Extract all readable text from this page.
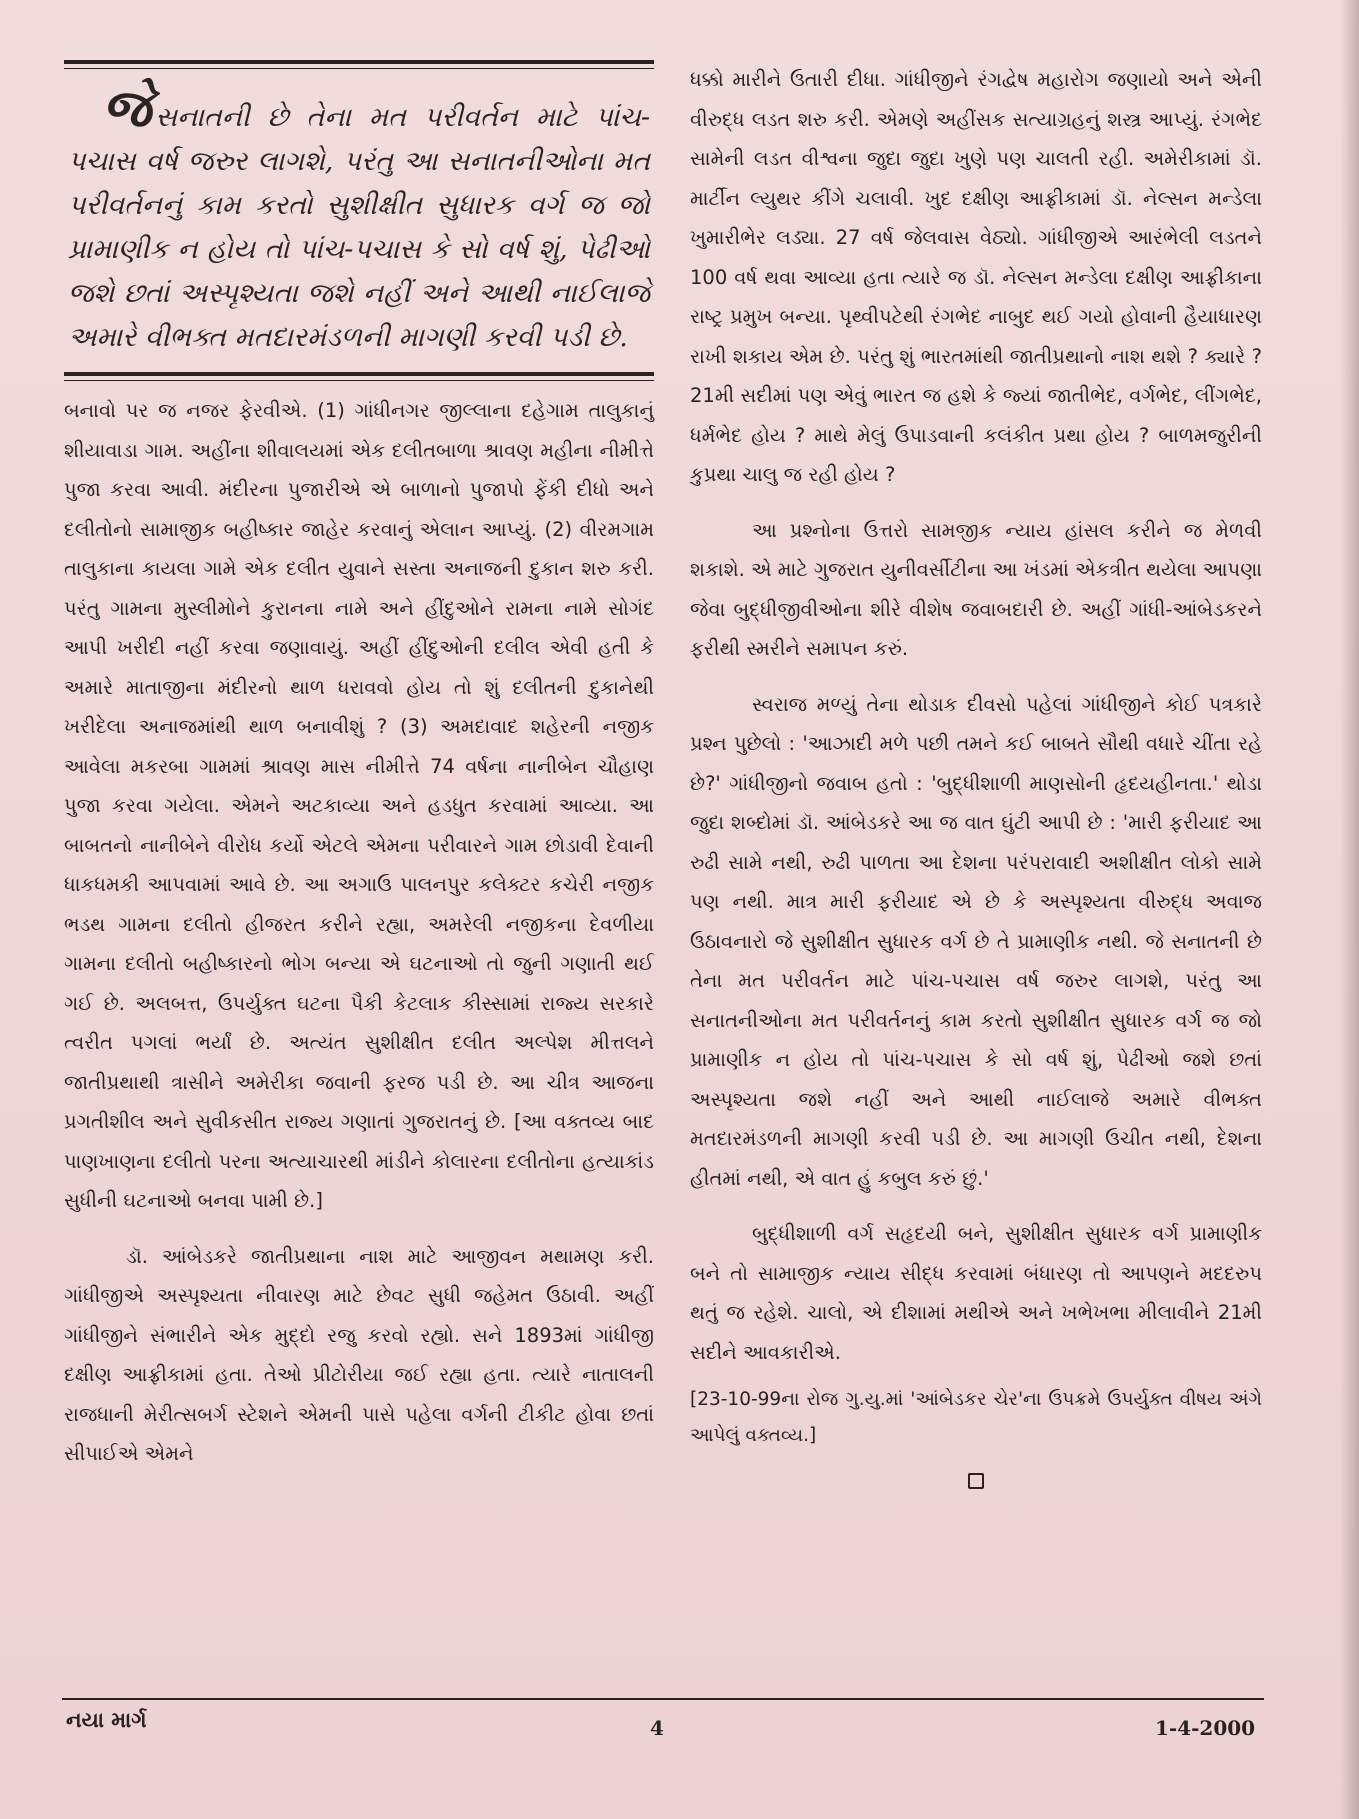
જેસનાતની છે તેના મત પરીવર્તન માટે પાંચ-પચાસ વર્ષ જરુર લાગશે, પરંતુ આ સનાતનીઓના મત પરીવર્તનનું કામ કરતો સુશીક્ષીત સુધારક વર્ગ જ જો પ્રામાણીક ન હોય તો પાંચ-પચાસ કે સો વર્ષ શું, પેઢીઓ જશે છતાં અસ્પૃશ્યતા જશે નહીં અને આથી નાઈલાજે અમારે વીભક્ત મતદારમંડળની માગણી કરવી પડી છે.

બનાવો પર જ નજર ફેરવીએ. (1) ગાંધીનગર જીલ્લાના દહેગામ તાલુકાનું શીયાવાડા ગામ. અહીંના શીવાલયમાં એક દલીતબાળા શ્રાવણ મહીના નીમીત્તે પુજા કરવા આવી. મંદીરના પુજારીએ એ બાળાનો પુજાપો ફેંકી દીધો અને દલીતોનો સામાજીક બહીષ્કાર જાહેર કરવાનું એલાન આપ્યું. (2) વીરમગામ તાલુકાના કાયલા ગામે એક દલીત યુવાને સસ્તા અનાજની દુકાન શરુ કરી. પરંતુ ગામના મુસ્લીમોને કુરાનના નામે અને હીંદુઓને રામના નામે સોગંદ આપી ખરીદી નહીં કરવા જણાવાયું. અહીં હીંદુઓની દલીલ એવી હતી કે અમારે માતાજીના મંદીરનો થાળ ધરાવવો હોય તો શું દલીતની દુકાનેથી ખરીદેલા અનાજમાંથી થાળ બનાવીશું ? (3) અમદાવાદ શહેરની નજીક આવેલા મકરબા ગામમાં શ્રાવણ માસ નીમીત્તે 74 વર્ષના નાનીબેન ચૌહાણ પુજા કરવા ગયેલા. એમને અટકાવ્યા અને હડધુત કરવામાં આવ્યા. આ બાબતનો નાનીબેને વીરોધ કર્યો એટલે એમના પરીવારને ગામ છોડાવી દેવાની ધાકધમકી આપવામાં આવે છે. આ અગાઉ પાલનપુર કલેક્ટર કચેરી નજીક ભડથ ગામના દલીતો હીજરત કરીને રહ્યા, અમરેલી નજીકના દેવળીયા ગામના દલીતો બહીષ્કારનો ભોગ બન્યા એ ઘટનાઓ તો જુની ગણાતી થઈ ગઈ છે. અલબત્ત, ઉપર્યુક્ત ઘટના પૈકી કેટલાક કીસ્સામાં રાજ્ય સરકારે ત્વરીત પગલાં ભર્યાં છે. અત્યંત સુશીક્ષીત દલીત અલ્પેશ મીત્તલને જાતીપ્રથાથી ત્રાસીને અમેરીકા જવાની ફરજ પડી છે. આ ચીત્ર આજના પ્રગતીશીલ અને સુવીકસીત રાજ્ય ગણાતાં ગુજરાતનું છે. [આ વક્તવ્ય બાદ પાણખાણના દલીતો પરના અત્યાચારથી માંડીને કોલારના દલીતોના હત્યાકાંડ સુધીની ઘટનાઓ બનવા પામી છે.]

ડૉ. આંબેડકરે જાતીપ્રથાના નાશ માટે આજીવન મથામણ કરી. ગાંધીજીએ અસ્પૃશ્યતા નીવારણ માટે છેવટ સુધી જહેમત ઉઠાવી. અહીં ગાંધીજીને સંભારીને એક મુદ્દો રજુ કરવો રહ્યો. સને 1893માં ગાંધીજી દક્ષીણ આફ્રીકામાં હતા. તેઓ પ્રીટોરીયા જઈ રહ્યા હતા. ત્યારે નાતાલની રાજધાની મેરીત્સબર્ગ સ્ટેશને એમની પાસે પહેલા વર્ગની ટીકીટ હોવા છતાં સીપાઈએ એમને

ધક્કો મારીને ઉતારી દીધા. ગાંધીજીને રંગદ્વેષ મહારોગ જણાયો અને એની વીરુદ્ધ લડત શરુ કરી. એમણે અહીંસક સત્યાગ્રહનું શસ્ત્ર આપ્યું. રંગભેદ સામેની લડત વીશ્વના જુદા જુદા ખુણે પણ ચાલતી રહી. અમેરીકામાં ડૉ. માર્ટીન લ્યુથર કીંગે ચલાવી. ખુદ દક્ષીણ આફ્રીકામાં ડૉ. નેલ્સન મન્ડેલા ખુમારીભેર લડ્યા. 27 વર્ષ જેલવાસ વેઠ્યો. ગાંધીજીએ આરંભેલી લડતને 100 વર્ષ થવા આવ્યા હતા ત્યારે જ ડૉ. નેલ્સન મન્ડેલા દક્ષીણ આફ્રીકાના રાષ્ટ્ર પ્રમુખ બન્યા. પૃથ્વીપટેથી રંગભેદ નાબુદ થઈ ગયો હોવાની હૈયાધારણ રાખી શકાય એમ છે. પરંતુ શું ભારતમાંથી જાતીપ્રથાનો નાશ થશે ? ક્યારે ? 21મી સદીમાં પણ એવું ભારત જ હશે કે જ્યાં જાતીભેદ, વર્ગભેદ, લીંગભેદ, ધર્મભેદ હોય ? માથે મેલું ઉપાડવાની કલંકીત પ્રથા હોય ? બાળમજુરીની કુપ્રથા ચાલુ જ રહી હોય ?

આ પ્રશ્નોના ઉત્તરો સામજીક ન્યાય હાંસલ કરીને જ મેળવી શકાશે. એ માટે ગુજરાત યુનીવર્સીટીના આ ખંડમાં એકત્રીત થયેલા આપણા જેવા બુદ્ધીજીવીઓના શીરે વીશેષ જવાબદારી છે. અહીં ગાંધી-આંબેડકરને ફરીથી સ્મરીને સમાપન કરું.

સ્વરાજ મળ્યું તેના થોડાક દીવસો પહેલાં ગાંધીજીને કોઈ પત્રકારે પ્રશ્ન પુછેલો : 'આઝાદી મળે પછી તમને કઈ બાબતે સૌથી વધારે ચીંતા રહે છે?' ગાંધીજીનો જવાબ હતો : 'બુદ્ધીશાળી માણસોની હૃદયહીનતા.' થોડા જુદા શબ્દોમાં ડૉ. આંબેડકરે આ જ વાત ઘુંટી આપી છે : 'મારી ફરીયાદ આ રુઢી સામે નથી, રુઢી પાળતા આ દેશના પરંપરાવાદી અશીક્ષીત લોકો સામે પણ નથી. માત્ર મારી ફરીયાદ એ છે કે અસ્પૃશ્યતા વીરુદ્ધ અવાજ ઉઠાવનારો જે સુશીક્ષીત સુધારક વર્ગ છે તે પ્રામાણીક નથી. જે સનાતની છે તેના મત પરીવર્તન માટે પાંચ-પચાસ વર્ષ જરુર લાગશે, પરંતુ આ સનાતનીઓના મત પરીવર્તનનું કામ કરતો સુશીક્ષીત સુધારક વર્ગ જ જો પ્રામાણીક ન હોય તો પાંચ-પચાસ કે સો વર્ષ શું, પેઢીઓ જશે છતાં અસ્પૃશ્યતા જશે નહીં અને આથી નાઈલાજે અમારે વીભક્ત મતદારમંડળની માગણી કરવી પડી છે. આ માગણી ઉચીત નથી, દેશના હીતમાં નથી, એ વાત હું કબુલ કરું છું.'

બુદ્ધીશાળી વર્ગ સહૃદયી બને, સુશીક્ષીત સુધારક વર્ગ પ્રામાણીક બને તો સામાજીક ન્યાય સીદ્ધ કરવામાં બંધારણ તો આપણને મદદરુપ થતું જ રહેશે. ચાલો, એ દીશામાં મથીએ અને ખભેખભા મીલાવીને 21મી સદીને આવકારીએ.

[23-10-99ના રોજ ગુ.યુ.માં 'આંબેડકર ચેર'ના ઉપક્રમે ઉપર્યુક્ત વીષય અંગે આપેલું વક્તવ્ય.]

નયા માર્ગ	4	1-4-2000
